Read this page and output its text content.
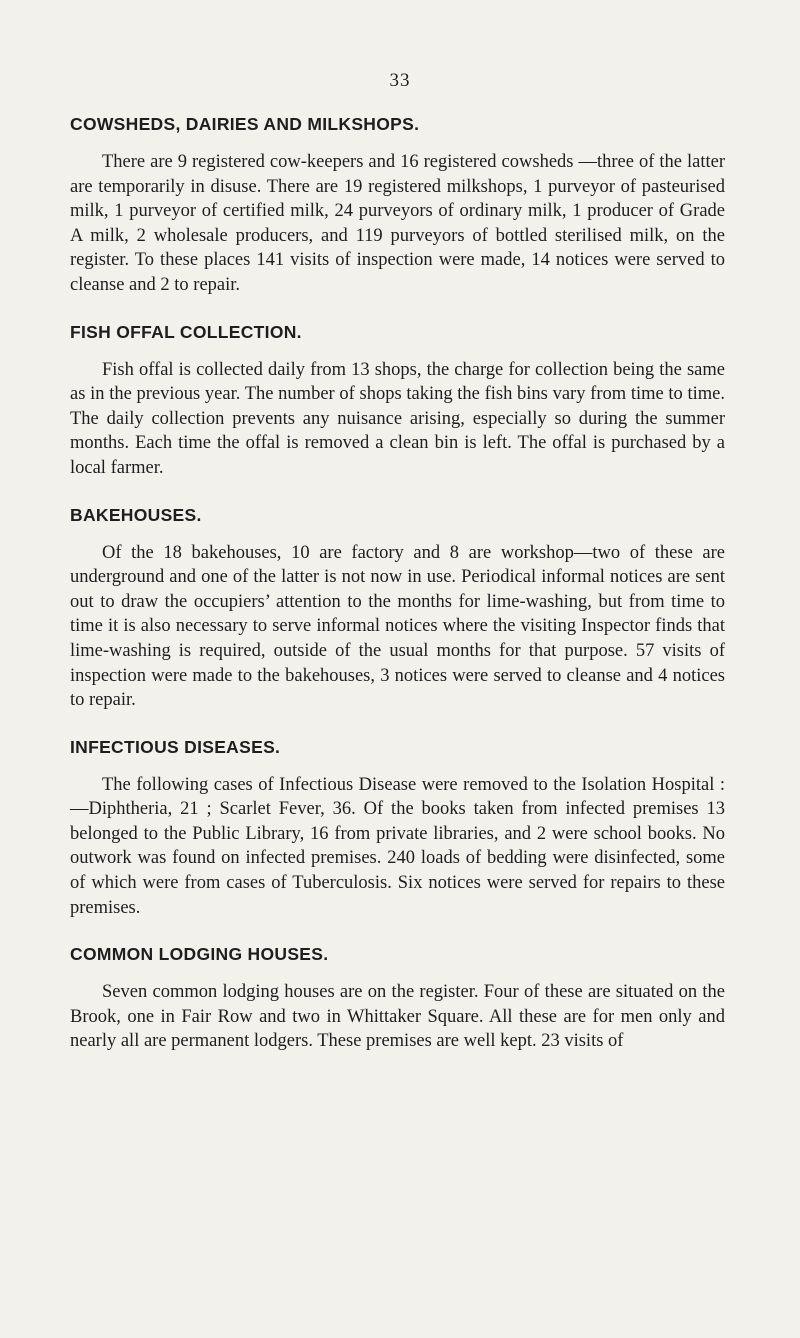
33
COWSHEDS, DAIRIES AND MILKSHOPS.

There are 9 registered cow-keepers and 16 registered cowsheds —three of the latter are temporarily in disuse. There are 19 registered milkshops, 1 purveyor of pasteurised milk, 1 purveyor of certified milk, 24 purveyors of ordinary milk, 1 producer of Grade A milk, 2 wholesale producers, and 119 purveyors of bottled sterilised milk, on the register. To these places 141 visits of inspection were made, 14 notices were served to cleanse and 2 to repair.

FISH OFFAL COLLECTION.

Fish offal is collected daily from 13 shops, the charge for collection being the same as in the previous year. The number of shops taking the fish bins vary from time to time. The daily collection prevents any nuisance arising, especially so during the summer months. Each time the offal is removed a clean bin is left. The offal is purchased by a local farmer.

BAKEHOUSES.

Of the 18 bakehouses, 10 are factory and 8 are workshop—two of these are underground and one of the latter is not now in use. Periodical informal notices are sent out to draw the occupiers’ attention to the months for lime-washing, but from time to time it is also necessary to serve informal notices where the visiting Inspector finds that lime-washing is required, outside of the usual months for that purpose. 57 visits of inspection were made to the bakehouses, 3 notices were served to cleanse and 4 notices to repair.

INFECTIOUS DISEASES.

The following cases of Infectious Disease were removed to the Isolation Hospital :—Diphtheria, 21 ; Scarlet Fever, 36. Of the books taken from infected premises 13 belonged to the Public Library, 16 from private libraries, and 2 were school books. No outwork was found on infected premises. 240 loads of bedding were disinfected, some of which were from cases of Tuberculosis. Six notices were served for repairs to these premises.

COMMON LODGING HOUSES.

Seven common lodging houses are on the register. Four of these are situated on the Brook, one in Fair Row and two in Whittaker Square. All these are for men only and nearly all are permanent lodgers. These premises are well kept. 23 visits of
